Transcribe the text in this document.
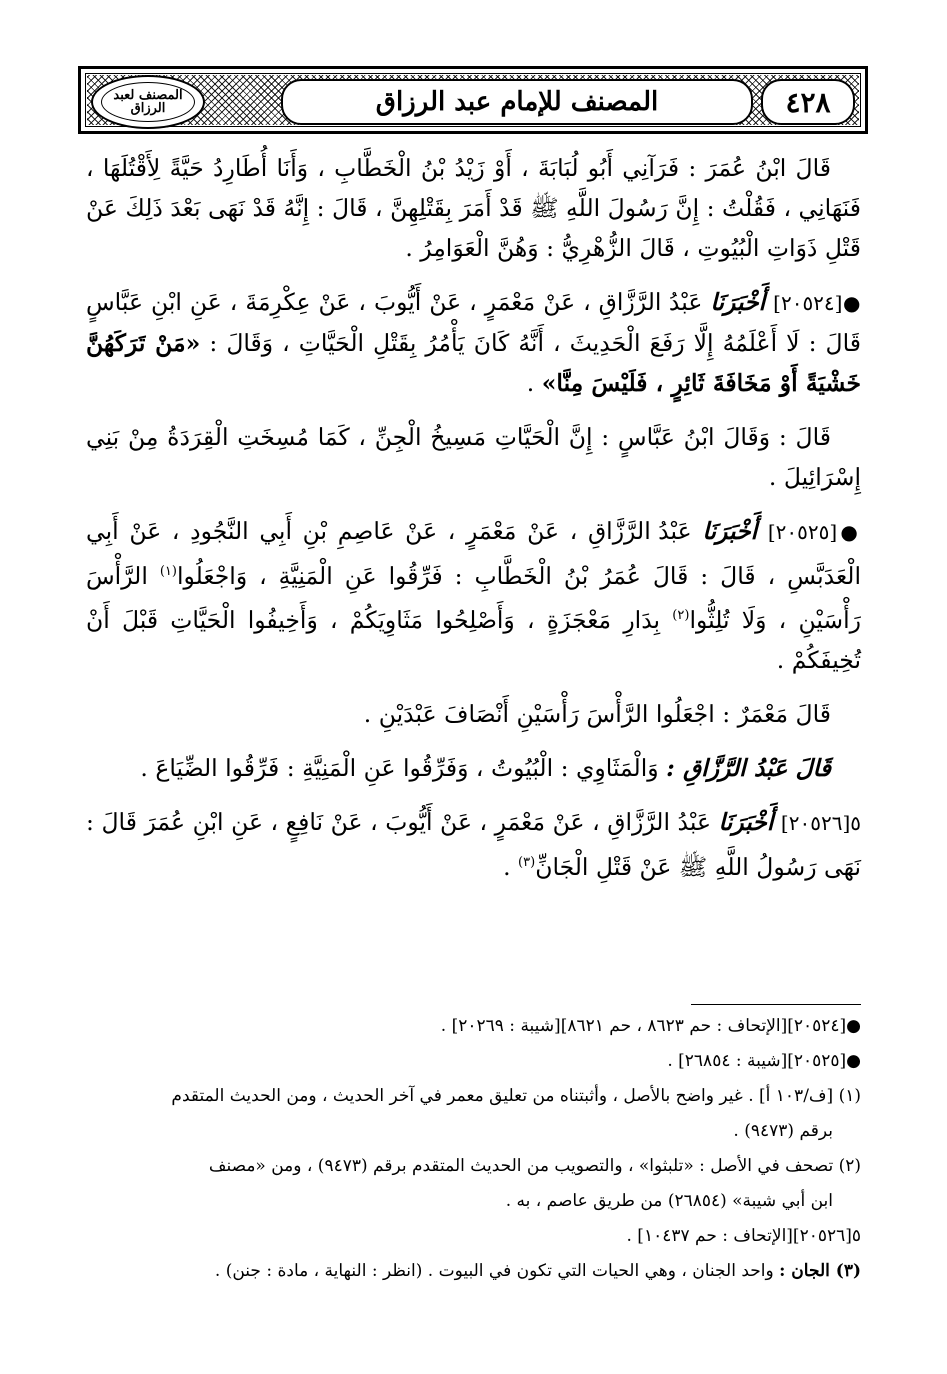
المصنف لعبد الرزاق	المصنف للإمام عبد الرزاق	٤٢٨

قَالَ ابْنُ عُمَرَ : فَرَآنِي أَبُو لُبَابَةَ ، أَوْ زَيْدُ بْنُ الْخَطَّابِ ، وَأَنَا أُطَارِدُ حَيَّةً لِأَقْتُلَهَا ، فَنَهَانِي ، فَقُلْتُ : إِنَّ رَسُولَ اللَّهِ ﷺ قَدْ أَمَرَ بِقَتْلِهِنَّ ، قَالَ : إِنَّهُ قَدْ نَهَى بَعْدَ ذَلِكَ عَنْ قَتْلِ ذَوَاتِ الْبُيُوتِ ، قَالَ الزُّهْرِيُّ : وَهُنَّ الْعَوَامِرُ .

●[٢٠٥٢٤] أَخْبَرَنَا عَبْدُ الرَّزَّاقِ ، عَنْ مَعْمَرٍ ، عَنْ أَيُّوبَ ، عَنْ عِكْرِمَةَ ، عَنِ ابْنِ عَبَّاسٍ قَالَ : لَا أَعْلَمُهُ إِلَّا رَفَعَ الْحَدِيثَ ، أَنَّهُ كَانَ يَأْمُرُ بِقَتْلِ الْحَيَّاتِ ، وَقَالَ : «مَنْ تَرَكَهُنَّ خَشْيَةً أَوْ مَخَافَةَ ثَائِرٍ ، فَلَيْسَ مِنَّا» .

قَالَ : وَقَالَ ابْنُ عَبَّاسٍ : إِنَّ الْحَيَّاتِ مَسِيخُ الْجِنِّ ، كَمَا مُسِخَتِ الْقِرَدَةُ مِنْ بَنِي إِسْرَائِيلَ .

●[٢٠٥٢٥] أَخْبَرَنَا عَبْدُ الرَّزَّاقِ ، عَنْ مَعْمَرٍ ، عَنْ عَاصِمِ بْنِ أَبِي النَّجُودِ ، عَنْ أَبِي الْعَدَبَّسِ ، قَالَ : قَالَ عُمَرُ بْنُ الْخَطَّابِ : فَرِّقُوا عَنِ الْمَنِيَّةِ ، وَاجْعَلُوا$^{(١)}$ الرَّأْسَ رَأْسَيْنِ ، وَلَا تُلِثُّوا$^{(٢)}$ بِدَارِ مَعْجَزَةٍ ، وَأَصْلِحُوا مَثَاوِيَكُمْ ، وَأَخِيفُوا الْحَيَّاتِ قَبْلَ أَنْ تُخِيفَكُمْ .

قَالَ مَعْمَرٌ : اجْعَلُوا الرَّأْسَ رَأْسَيْنِ أَنْصَافَ عَبْدَيْنِ .

قَالَ عَبْدُ الرَّزَّاقِ : وَالْمَثَاوِي : الْبُيُوتُ ، وَفَرِّقُوا عَنِ الْمَنِيَّةِ : فَرِّقُوا الضِّيَاعَ .

٥[٢٠٥٢٦] أَخْبَرَنَا عَبْدُ الرَّزَّاقِ ، عَنْ مَعْمَرٍ ، عَنْ أَيُّوبَ ، عَنْ نَافِعٍ ، عَنِ ابْنِ عُمَرَ قَالَ : نَهَى رَسُولُ اللَّهِ ﷺ عَنْ قَتْلِ الْجَانِّ$^{(٣)}$ .

●[٢٠٥٢٤][الإتحاف : حم ٨٦٢٣ ، حم ٨٦٢١][شيبة : ٢٠٢٦٩] .

●[٢٠٥٢٥][شيبة : ٢٦٨٥٤] .

(١) [ف/١٠٣ أ] . غير واضح بالأصل ، وأثبتناه من تعليق معمر في آخر الحديث ، ومن الحديث المتقدم

برقم (٩٤٧٣) .

(٢) تصحف في الأصل : «تلبثوا» ، والتصويب من الحديث المتقدم برقم (٩٤٧٣) ، ومن «مصنف

ابن أبي شيبة» (٢٦٨٥٤) من طريق عاصم ، به .

٥[٢٠٥٢٦][الإتحاف : حم ١٠٤٣٧] .

(٣) الجان : واحد الجنان ، وهي الحيات التي تكون في البيوت . (انظر : النهاية ، مادة : جنن) .
